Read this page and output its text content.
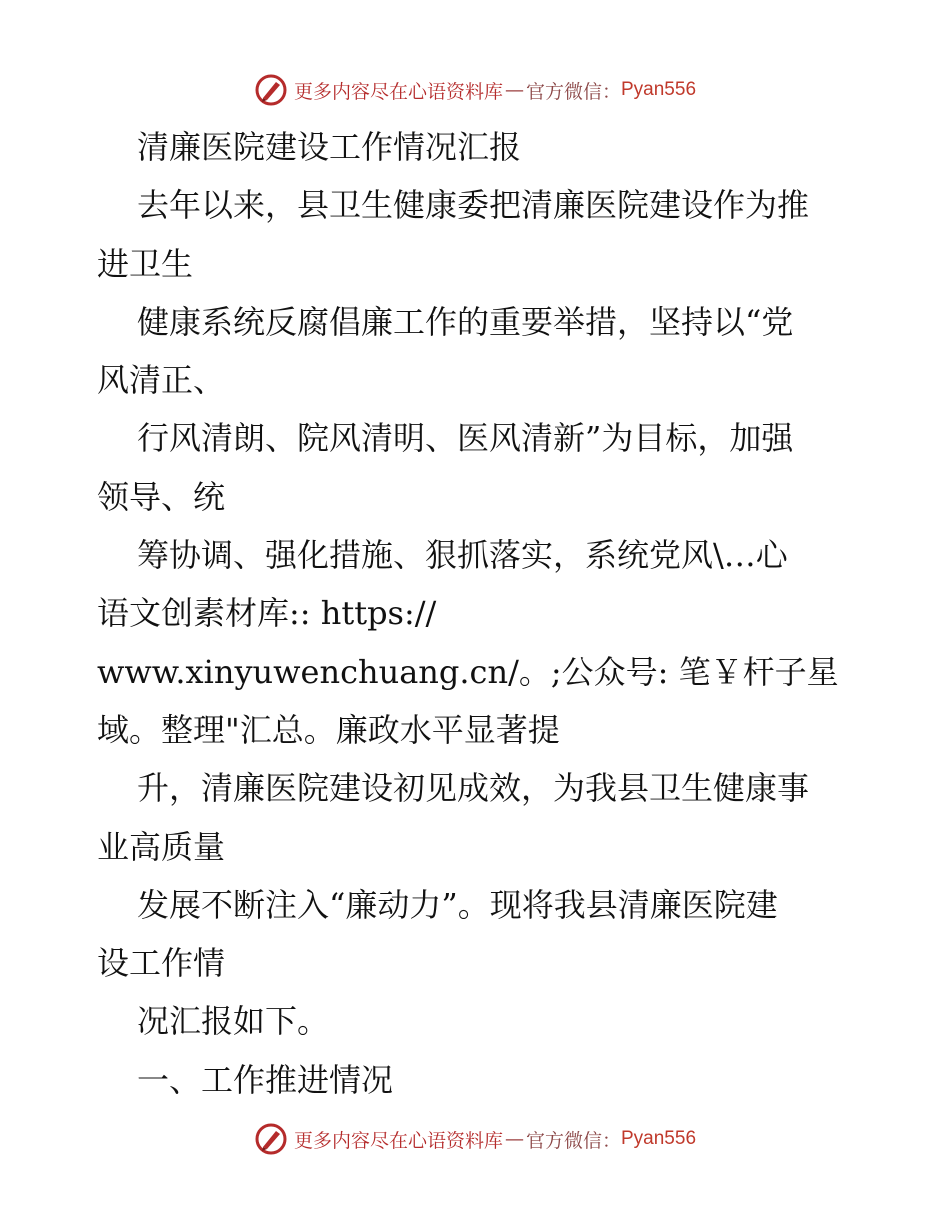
更多内容尽在心语资料库 — 官方微信： Pyan556
清廉医院建设工作情况汇报
去年以来，县卫生健康委把清廉医院建设作为推
进卫生
健康系统反腐倡廉工作的重要举措，坚持以“党
风清正、
行风清朗、院风清明、医风清新”为目标，加强
领导、统
筹协调、强化措施、狠抓落实，系统党风\…心
语文创素材库:: https://
www.xinyuwenchuang.cn/。;公众号: 笔￥杆子星
域。整理"汇总。廉政水平显著提
升，清廉医院建设初见成效，为我县卫生健康事
业高质量
发展不断注入“廉动力”。现将我县清廉医院建
设工作情
况汇报如下。
一、工作推进情况
更多内容尽在心语资料库 — 官方微信： Pyan556
